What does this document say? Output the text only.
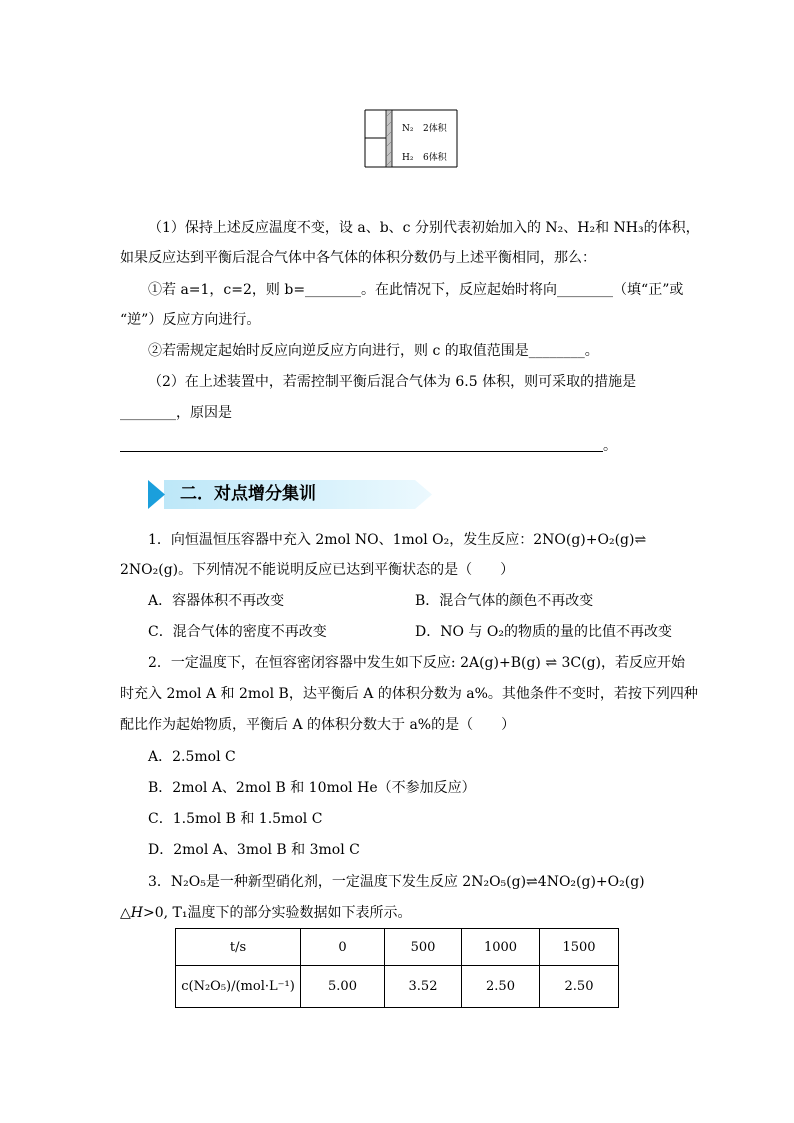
N₂ 2体积
H₂ 6体积
（1）保持上述反应温度不变，设 a、b、c 分别代表初始加入的 N₂、H₂和 NH₃的体积，
如果反应达到平衡后混合气体中各气体的体积分数仍与上述平衡相同，那么：
①若 a=1，c=2，则 b=________。在此情况下，反应起始时将向________（填“正”或
“逆”）反应方向进行。
②若需规定起始时反应向逆反应方向进行，则 c 的取值范围是________。
（2）在上述装置中，若需控制平衡后混合气体为 6.5 体积，则可采取的措施是
________，原因是
。
二．对点增分集训
1．向恒温恒压容器中充入 2mol NO、1mol O₂，发生反应：2NO(g)+O₂(g)⇌
2NO₂(g)。下列情况不能说明反应已达到平衡状态的是（　　）
A．容器体积不再改变	B．混合气体的颜色不再改变
C．混合气体的密度不再改变	D．NO 与 O₂的物质的量的比值不再改变
2．一定温度下，在恒容密闭容器中发生如下反应: 2A(g)+B(g) ⇌ 3C(g)，若反应开始
时充入 2mol A 和 2mol B，达平衡后 A 的体积分数为 a%。其他条件不变时，若按下列四种
配比作为起始物质，平衡后 A 的体积分数大于 a%的是（　　）
A．2.5mol C
B．2mol A、2mol B 和 10mol He（不参加反应）
C．1.5mol B 和 1.5mol C
D．2mol A、3mol B 和 3mol C
3．N₂O₅是一种新型硝化剂，一定温度下发生反应 2N₂O₅(g)⇌4NO₂(g)+O₂(g)
△H>0, T₁温度下的部分实验数据如下表所示。
t/s	0	500	1000	1500
c(N₂O₅)/(mol·L⁻¹)	5.00	3.52	2.50	2.50
